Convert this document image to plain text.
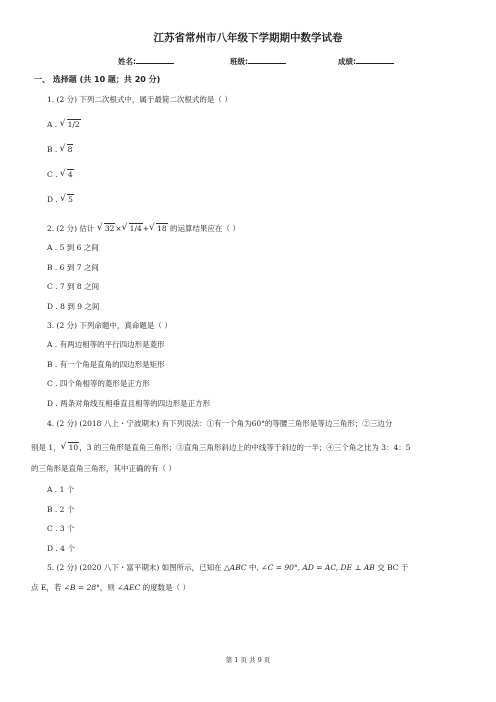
江苏省常州市八年级下学期期中数学试卷
姓名:	班级:	成绩:
一、 选择题 (共 10 题；共 20 分)
1. (2 分) 下列二次根式中，属于最简二次根式的是（ ）
A . √ 1/2
B . √ 8
C . √ 4
D . √ 5
2. (2 分) 估计 √ 32× √ 1/4+ √ 18 的运算结果应在（ ）
A . 5 到 6 之间
B . 6 到 7 之间
C . 7 到 8 之间
D . 8 到 9 之间
3. (2 分) 下列命题中，真命题是（ ）
A . 有两边相等的平行四边形是菱形
B . 有一个角是直角的四边形是矩形
C . 四个角相等的菱形是正方形
D . 两条对角线互相垂直且相等的四边形是正方形
4. (2 分) (2018 八上・宁波期末) 有下列说法：①有一个角为60°的等腰三角形是等边三角形；②三边分
别是 1， √ 10，3 的三角形是直角三角形；③直角三角形斜边上的中线等于斜边的一半；④三个角之比为 3：4：5
的三角形是直角三角形，其中正确的有（ ）
A . 1 个
B . 2 个
C . 3 个
D . 4 个
5. (2 分) (2020 八下・富平期末) 如图所示，已知在 △ABC 中, ∠C = 90°, AD = AC, DE ⊥ AB 交 BC 于
点 E，若 ∠B = 28°，则 ∠AEC 的度数是（ ）
第 1 页 共 9 页
